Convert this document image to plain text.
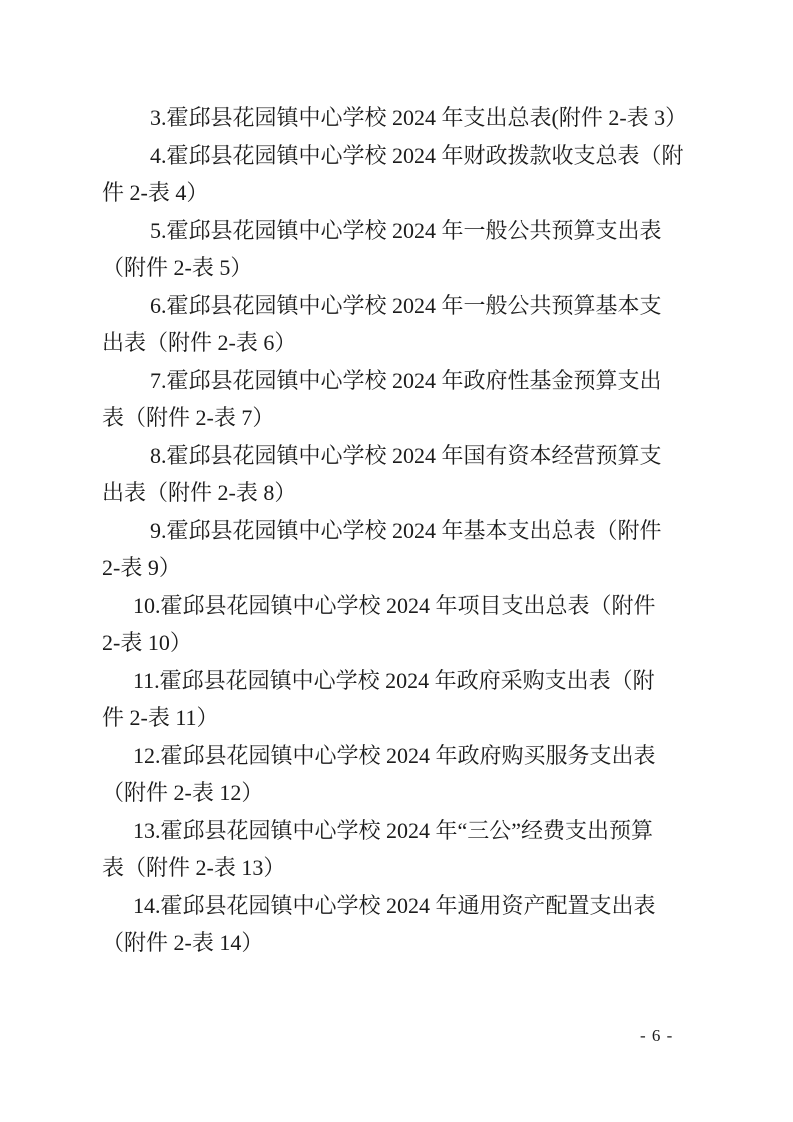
3.霍邱县花园镇中心学校 2024 年支出总表(附件 2-表 3）

4.霍邱县花园镇中心学校 2024 年财政拨款收支总表（附
件 2-表 4）

5.霍邱县花园镇中心学校 2024 年一般公共预算支出表
（附件 2-表 5）

6.霍邱县花园镇中心学校 2024 年一般公共预算基本支
出表（附件 2-表 6）

7.霍邱县花园镇中心学校 2024 年政府性基金预算支出
表（附件 2-表 7）

8.霍邱县花园镇中心学校 2024 年国有资本经营预算支
出表（附件 2-表 8）

9.霍邱县花园镇中心学校 2024 年基本支出总表（附件
2-表 9）

10.霍邱县花园镇中心学校 2024 年项目支出总表（附件
2-表 10）

11.霍邱县花园镇中心学校 2024 年政府采购支出表（附
件 2-表 11）

12.霍邱县花园镇中心学校 2024 年政府购买服务支出表
（附件 2-表 12）

13.霍邱县花园镇中心学校 2024 年“三公”经费支出预算
表（附件 2-表 13）

14.霍邱县花园镇中心学校 2024 年通用资产配置支出表
（附件 2-表 14）

- 6 -
